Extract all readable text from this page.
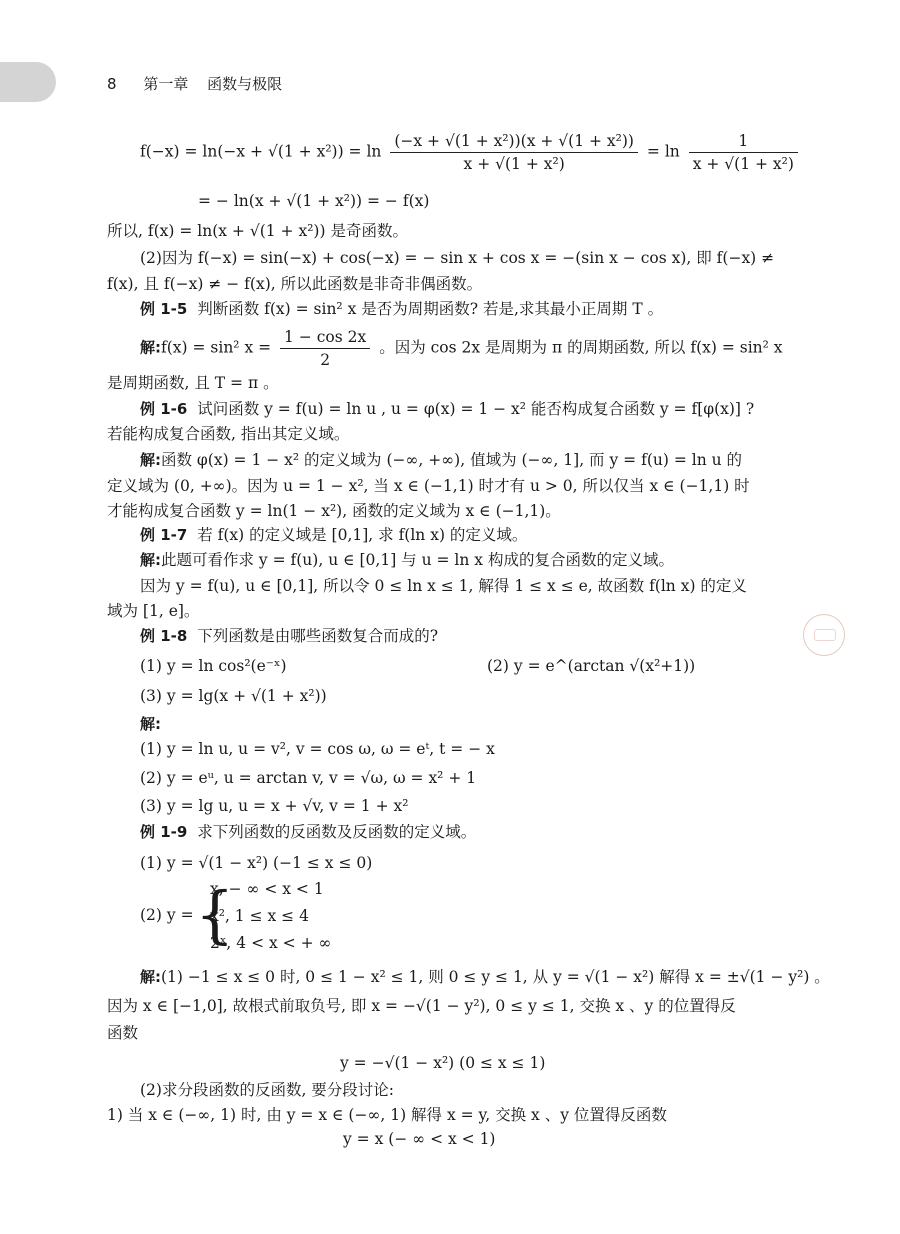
8 第一章 函数与极限
$f(-x) = \ln(-x + √(1 + x^2)) = \ln \frac{\text{(−x + √(1 + x²))(x + √(1 + x²))}}{\text{x + √(1 + x²)}} = \ln \frac{1}{\text{x + √(1 + x²)}}$
= − ln(x + √(1 + x²)) = − f(x)
所以, f(x) = ln(x + √(1 + x²)) 是奇函数。
(2)因为 f(−x) = sin(−x) + cos(−x) = − sin x + cos x = −(sin x − cos x), 即 f(−x) ≠
f(x), 且 f(−x) ≠ − f(x), 所以此函数是非奇非偶函数。
例 1-5 判断函数 f(x) = sin² x 是否为周期函数? 若是,求其最小正周期 T 。
解:f(x) = sin² $x = \frac{1 - \cos 2x}{2}$ 。因为 cos 2x 是周期为 π 的周期函数, 所以 f(x) = sin² x
是周期函数, 且 T = π 。
例 1-6 试问函数 y = f(u) = ln u , u = φ(x) = 1 − x² 能否构成复合函数 y = f[φ(x)] ?
若能构成复合函数, 指出其定义域。
解:函数 φ(x) = 1 − x² 的定义域为 (−∞, +∞), 值域为 (−∞, 1], 而 y = f(u) = ln u 的
定义域为 (0, +∞)。因为 u = 1 − x², 当 x ∈ (−1,1) 时才有 u > 0, 所以仅当 x ∈ (−1,1) 时
才能构成复合函数 y = ln(1 − x²), 函数的定义域为 x ∈ (−1,1)。
例 1-7 若 f(x) 的定义域是 [0,1], 求 f(ln x) 的定义域。
解:此题可看作求 y = f(u), u ∈ [0,1] 与 u = ln x 构成的复合函数的定义域。
因为 y = f(u), u ∈ [0,1], 所以令 0 ≤ ln x ≤ 1, 解得 1 ≤ x ≤ e, 故函数 f(ln x) 的定义
域为 [1, e]。
例 1-8 下列函数是由哪些函数复合而成的?
(1) y = ln cos²(e⁻ˣ)	(2) y = e^(arctan √(x²+1))
(3) y = lg(x + √(1 + x²))
解:
(1) y = ln u, u = v², v = cos ω, ω = eᵗ, t = − x
(2) y = eᵘ, u = arctan v, v = √ω, ω = x² + 1
(3) y = lg u, u = x + √v, v = 1 + x²
例 1-9 求下列函数的反函数及反函数的定义域。
(1) y = √(1 − x²) (−1 ≤ x ≤ 0)
(2) y = {
x, − ∞ < x < 1
x², 1 ≤ x ≤ 4
2ˣ, 4 < x < + ∞
解:(1) −1 ≤ x ≤ 0 时, 0 ≤ 1 − x² ≤ 1, 则 0 ≤ y ≤ 1, 从 y = √(1 − x²) 解得 x = ±√(1 − y²) 。
因为 x ∈ [−1,0], 故根式前取负号, 即 x = −√(1 − y²), 0 ≤ y ≤ 1, 交换 x 、y 的位置得反
函数
y = −√(1 − x²) (0 ≤ x ≤ 1)
(2)求分段函数的反函数, 要分段讨论:
1) 当 x ∈ (−∞, 1) 时, 由 y = x ∈ (−∞, 1) 解得 x = y, 交换 x 、y 位置得反函数
y = x (− ∞ < x < 1)
